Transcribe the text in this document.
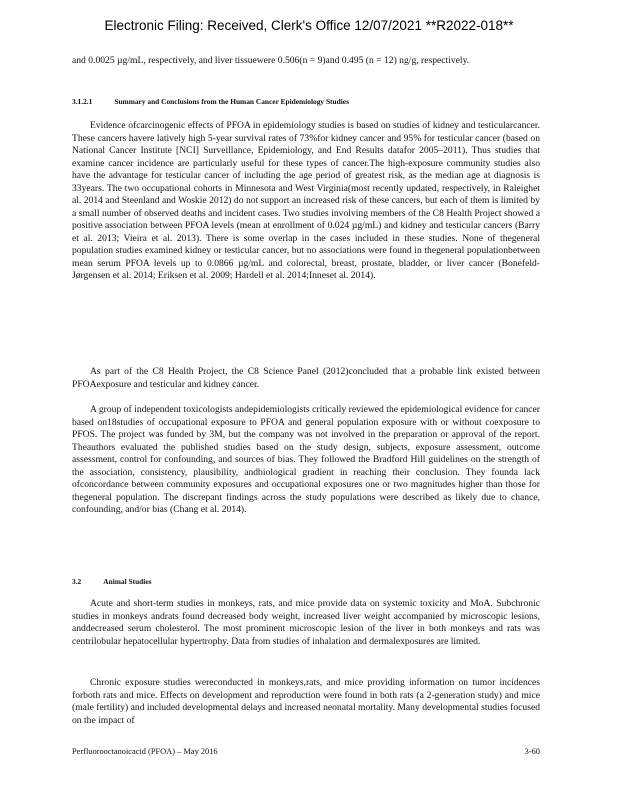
Electronic Filing: Received, Clerk's Office 12/07/2021 **R2022-018**

and 0.0025 µg/mL, respectively, and liver tissuewere 0.506(n = 9)and 0.495 (n = 12) ng/g, respectively.

3.1.2.1	Summary and Conclusions from the Human Cancer Epidemiology Studies

Evidence ofcarcinogenic effects of PFOA in epidemiology studies is based on studies of kidney and testicularcancer. These cancers havere latively high 5-year survival rates of 73%for kidney cancer and 95% for testicular cancer (based on National Cancer Institute [NCI] Surveillance, Epidemiology, and End Results datafor 2005–2011). Thus studies that examine cancer incidence are particularly useful for these types of cancer.The high-exposure community studies also have the advantage for testicular cancer of including the age period of greatest risk, as the median age at diagnosis is 33years. The two occupational cohorts in Minnesota and West Virginia(most recently updated, respectively, in Raleighet al. 2014 and Steenland and Woskie 2012) do not support an increased risk of these cancers, but each of them is limited by a small number of observed deaths and incident cases. Two studies involving members of the C8 Health Project showed a positive association between PFOA levels (mean at enrollment of 0.024 µg/mL) and kidney and testicular cancers (Barry et al. 2013; Vieira et al. 2013). There is some overlap in the cases included in these studies. None of thegeneral population studies examined kidney or testicular cancer, but no associations were found in thegeneral populationbetween mean serum PFOA levels up to 0.0866 µg/mL and colorectal, breast, prostate, bladder, or liver cancer (Bonefeld-Jørgensen et al. 2014; Eriksen et al. 2009; Hardell et al. 2014;Inneset al. 2014).

As part of the C8 Health Project, the C8 Science Panel (2012)concluded that a probable link existed between PFOAexposure and testicular and kidney cancer.

A group of independent toxicologists andepidemiologists critically reviewed the epidemiological evidence for cancer based on18studies of occupational exposure to PFOA and general population exposure with or without coexposure to PFOS. The project was funded by 3M, but the company was not involved in the preparation or approval of the report. Theauthors evaluated the published studies based on the study design, subjects, exposure assessment, outcome assessment, control for confounding, and sources of bias. They followed the Bradford Hill guidelines on the strength of the association, consistency, plausibility, andbiological gradient in reaching their conclusion. They founda lack ofconcordance between community exposures and occupational exposures one or two magnitudes higher than those for thegeneral population. The discrepant findings across the study populations were described as likely due to chance, confounding, and/or bias (Chang et al. 2014).

3.2	Animal Studies

Acute and short-term studies in monkeys, rats, and mice provide data on systemic toxicity and MoA. Subchronic studies in monkeys andrats found decreased body weight, increased liver weight accompanied by microscopic lesions, anddecreased serum cholesterol. The most prominent microscopic lesion of the liver in both monkeys and rats was centrilobular hepatocellular hypertrophy. Data from studies of inhalation and dermalexposures are limited.

Chronic exposure studies wereconducted in monkeys,rats, and mice providing information on tumor incidences forboth rats and mice. Effects on development and reproduction were found in both rats (a 2-generation study) and mice (male fertility) and included developmental delays and increased neonatal mortality. Many developmental studies focused on the impact of

Perfluorooctanoicacid (PFOA) – May 2016	3-60
